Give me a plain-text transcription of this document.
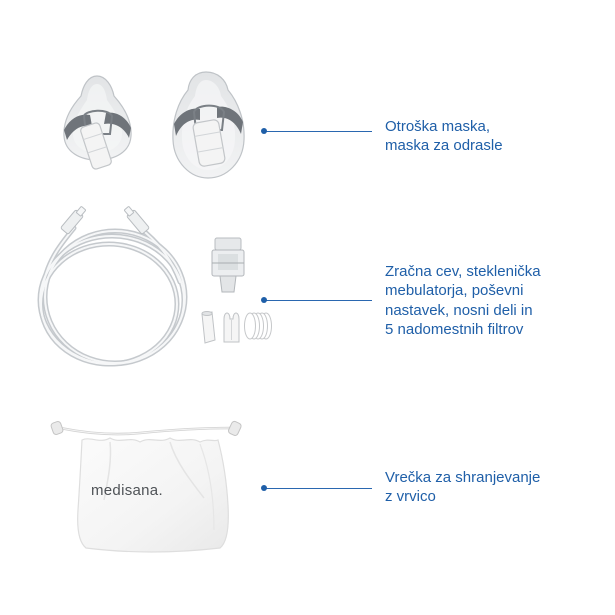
medisana.
Otroška maska,
maska za odrasle
Zračna cev, steklenička
mebulatorja, poševni
nastavek, nosni deli in
5 nadomestnih filtrov
Vrečka za shranjevanje
z vrvico
